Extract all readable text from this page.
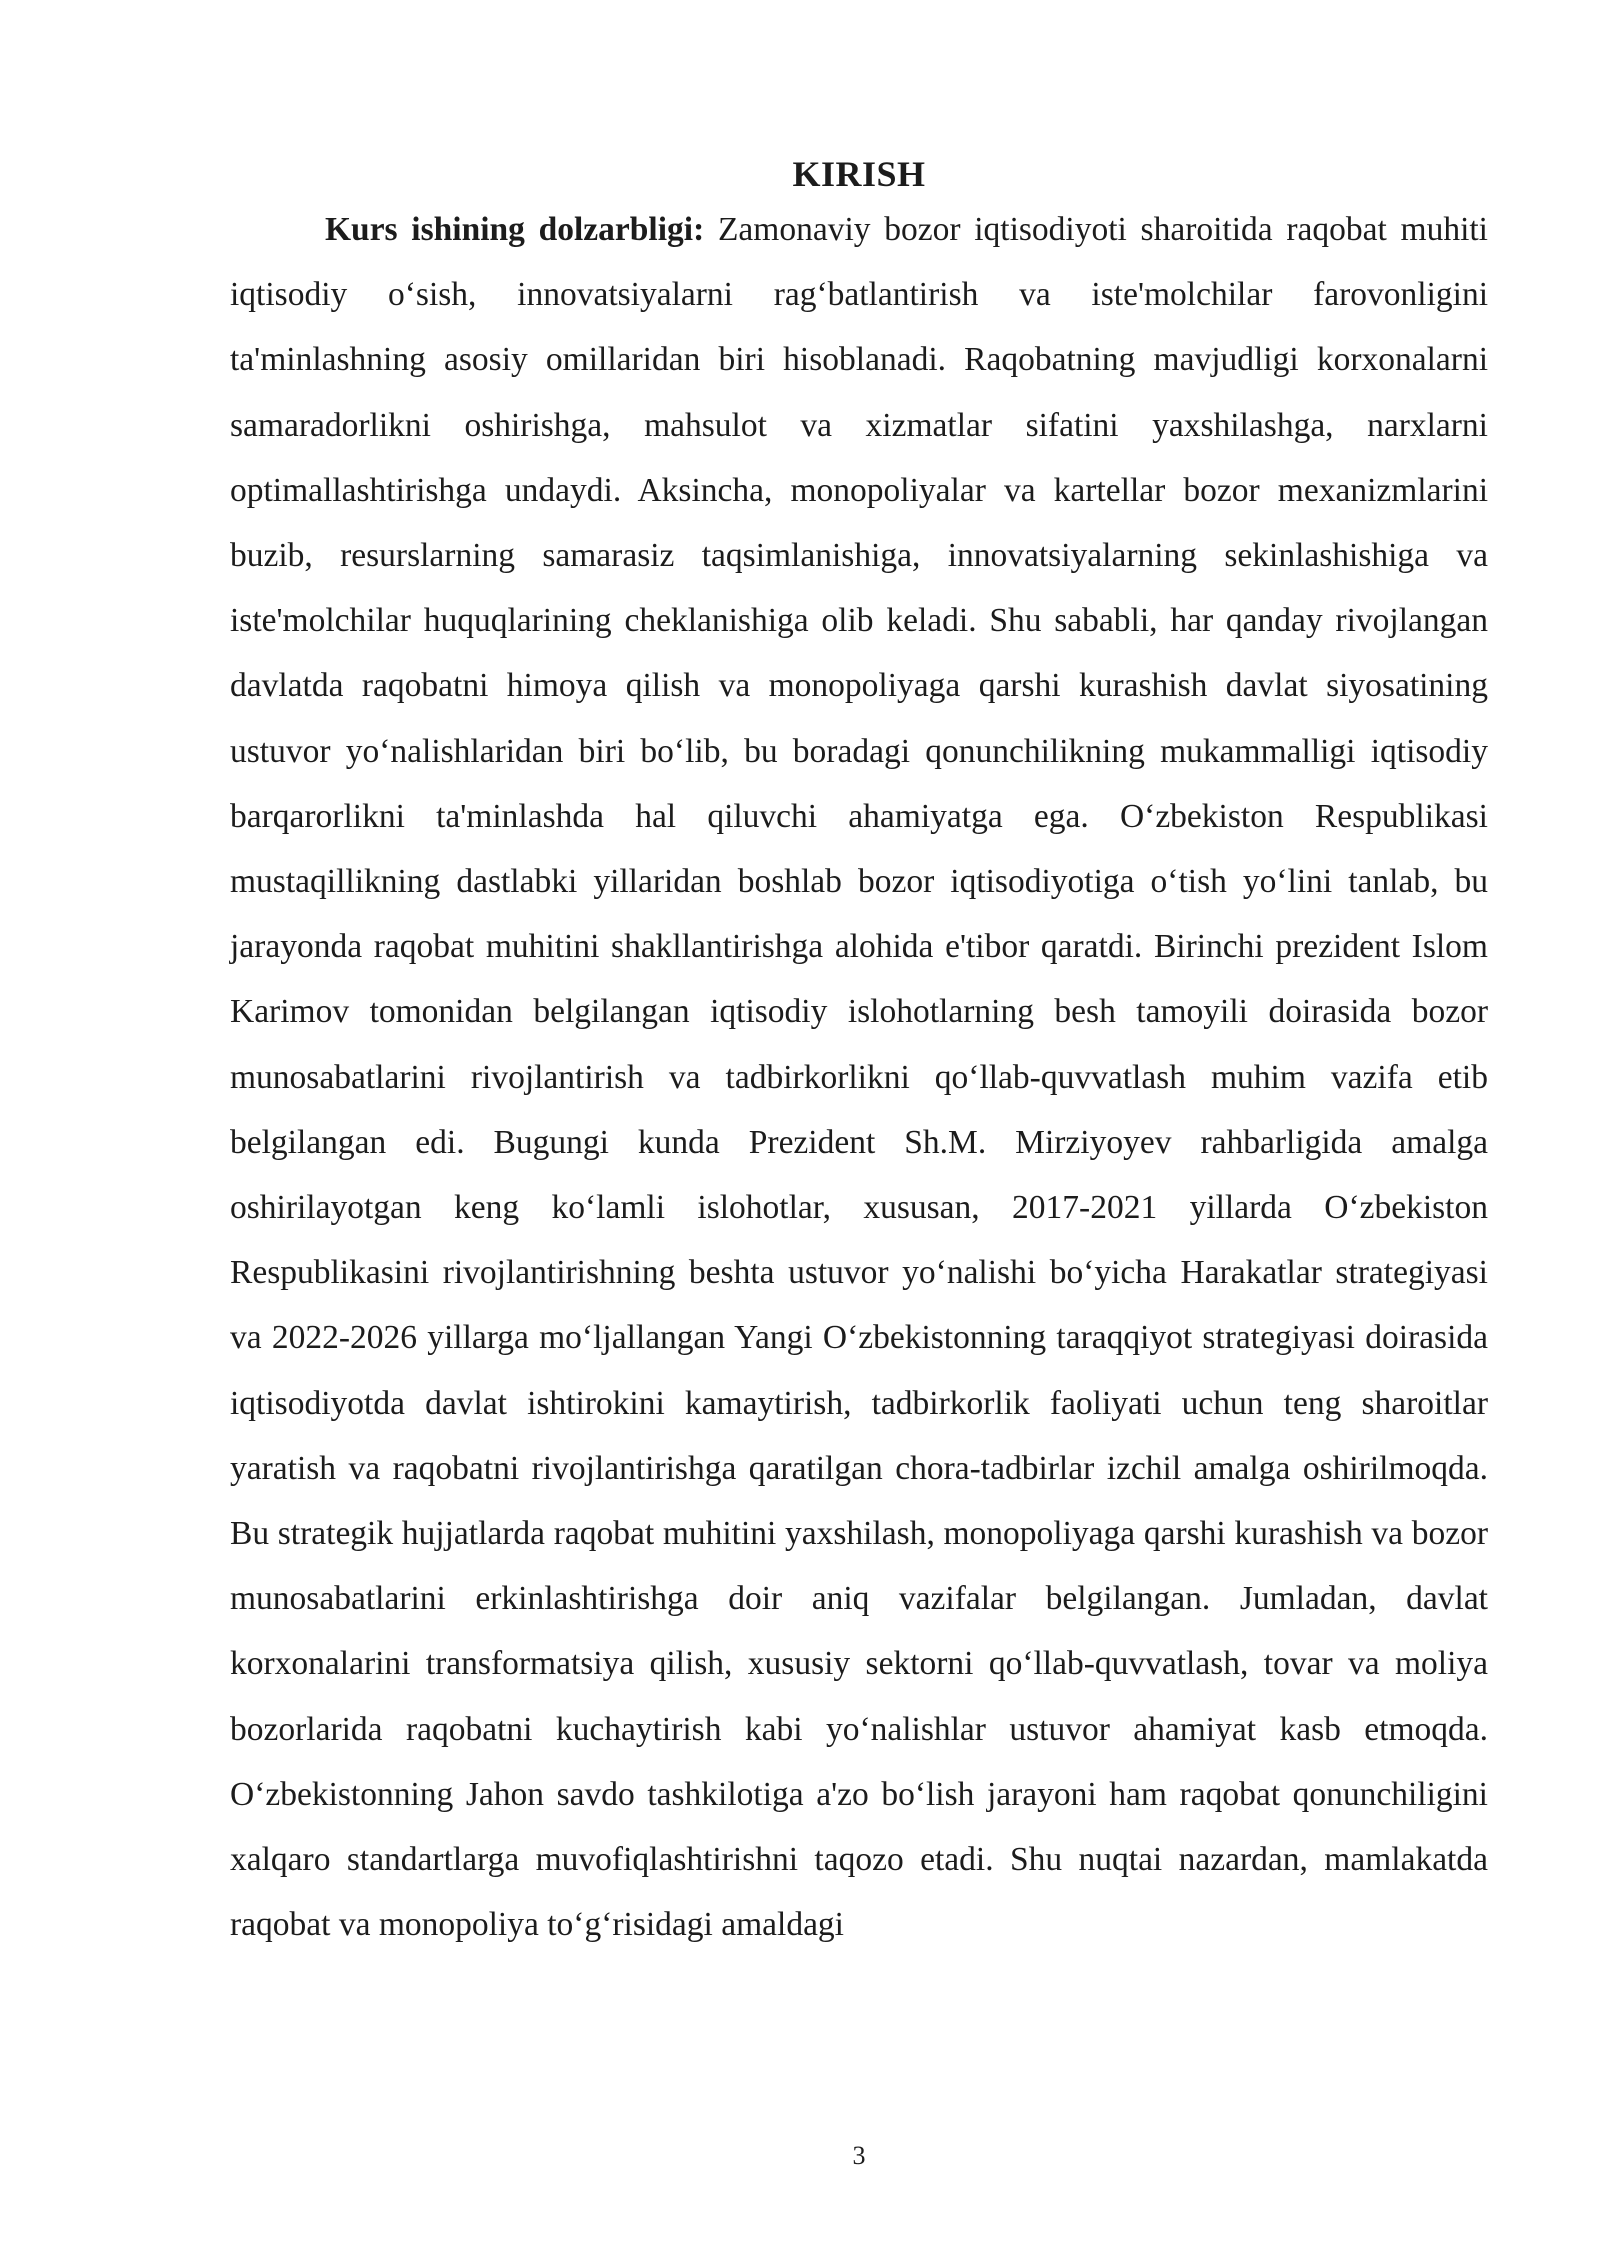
KIRISH

Kurs ishining dolzarbligi: Zamonaviy bozor iqtisodiyoti sharoitida raqobat muhiti iqtisodiy o‘sish, innovatsiyalarni rag‘batlantirish va iste'molchilar farovonligini ta'minlashning asosiy omillaridan biri hisoblanadi. Raqobatning mavjudligi korxonalarni samaradorlikni oshirishga, mahsulot va xizmatlar sifatini yaxshilashga, narxlarni optimallashtirishga undaydi. Aksincha, monopoliyalar va kartellar bozor mexanizmlarini buzib, resurslarning samarasiz taqsimlanishiga, innovatsiyalarning sekinlashishiga va iste'molchilar huquqlarining cheklanishiga olib keladi. Shu sababli, har qanday rivojlangan davlatda raqobatni himoya qilish va monopoliyaga qarshi kurashish davlat siyosatining ustuvor yo‘nalishlaridan biri bo‘lib, bu boradagi qonunchilikning mukammalligi iqtisodiy barqarorlikni ta'minlashda hal qiluvchi ahamiyatga ega. O‘zbekiston Respublikasi mustaqillikning dastlabki yillaridan boshlab bozor iqtisodiyotiga o‘tish yo‘lini tanlab, bu jarayonda raqobat muhitini shakllantirishga alohida e'tibor qaratdi. Birinchi prezident Islom Karimov tomonidan belgilangan iqtisodiy islohotlarning besh tamoyili doirasida bozor munosabatlarini rivojlantirish va tadbirkorlikni qo‘llab-quvvatlash muhim vazifa etib belgilangan edi. Bugungi kunda Prezident Sh.M. Mirziyoyev rahbarligida amalga oshirilayotgan keng ko‘lamli islohotlar, xususan, 2017-2021 yillarda O‘zbekiston Respublikasini rivojlantirishning beshta ustuvor yo‘nalishi bo‘yicha Harakatlar strategiyasi va 2022-2026 yillarga mo‘ljallangan Yangi O‘zbekistonning taraqqiyot strategiyasi doirasida iqtisodiyotda davlat ishtirokini kamaytirish, tadbirkorlik faoliyati uchun teng sharoitlar yaratish va raqobatni rivojlantirishga qaratilgan chora-tadbirlar izchil amalga oshirilmoqda. Bu strategik hujjatlarda raqobat muhitini yaxshilash, monopoliyaga qarshi kurashish va bozor munosabatlarini erkinlashtirishga doir aniq vazifalar belgilangan. Jumladan, davlat korxonalarini transformatsiya qilish, xususiy sektorni qo‘llab-quvvatlash, tovar va moliya bozorlarida raqobatni kuchaytirish kabi yo‘nalishlar ustuvor ahamiyat kasb etmoqda. O‘zbekistonning Jahon savdo tashkilotiga a'zo bo‘lish jarayoni ham raqobat qonunchiligini xalqaro standartlarga muvofiqlashtirishni taqozo etadi. Shu nuqtai nazardan, mamlakatda raqobat va monopoliya to‘g‘risidagi amaldagi

3
